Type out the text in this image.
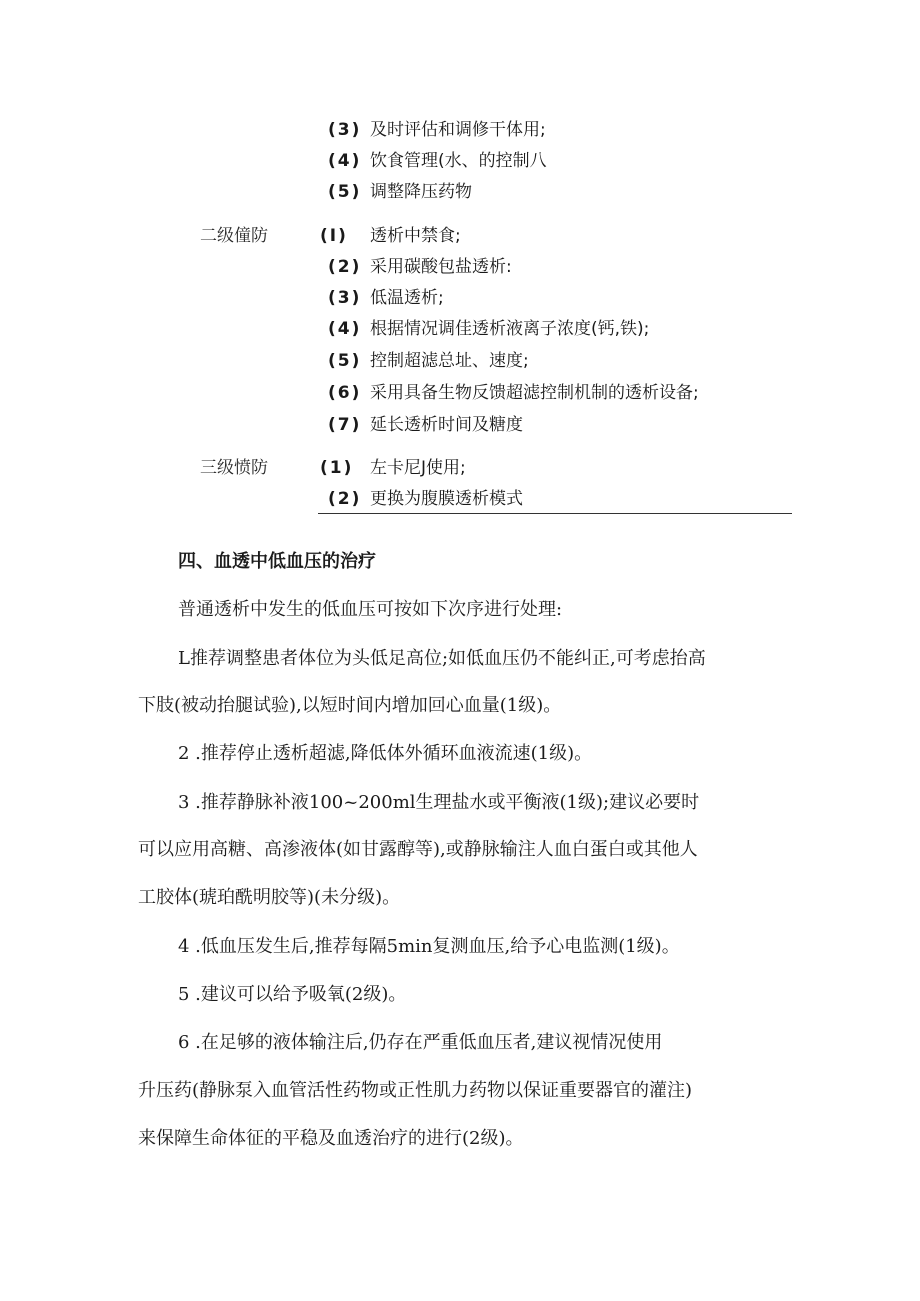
(3) 及时评估和调修干体用;
(4) 饮食管理(水、的控制八
(5) 调整降压药物
二级僮防	(I) 透析中禁食;
(2) 采用碳酸包盐透析:
(3) 低温透析;
(4) 根据情况调佳透析液离子浓度(钙,铁);
(5) 控制超滤总址、速度;
(6) 采用具备生物反馈超滤控制机制的透析设备;
(7) 延长透析时间及糖度
三级愤防	(1) 左卡尼J使用;
(2) 更换为腹膜透析模式
四、血透中低血压的治疗
普通透析中发生的低血压可按如下次序进行处理:
L推荐调整患者体位为头低足高位;如低血压仍不能纠正,可考虑抬高
下肢(被动抬腿试验),以短时间内增加回心血量(1级)。
2 .推荐停止透析超滤,降低体外循环血液流速(1级)。
3 .推荐静脉补液100~200ml生理盐水或平衡液(1级);建议必要时
可以应用高糖、高渗液体(如甘露醇等),或静脉输注人血白蛋白或其他人
工胶体(琥珀酰明胶等)(未分级)。
4 .低血压发生后,推荐每隔5min复测血压,给予心电监测(1级)。
5 .建议可以给予吸氧(2级)。
6 .在足够的液体输注后,仍存在严重低血压者,建议视情况使用
升压药(静脉泵入血管活性药物或正性肌力药物以保证重要器官的灌注)
来保障生命体征的平稳及血透治疗的进行(2级)。
